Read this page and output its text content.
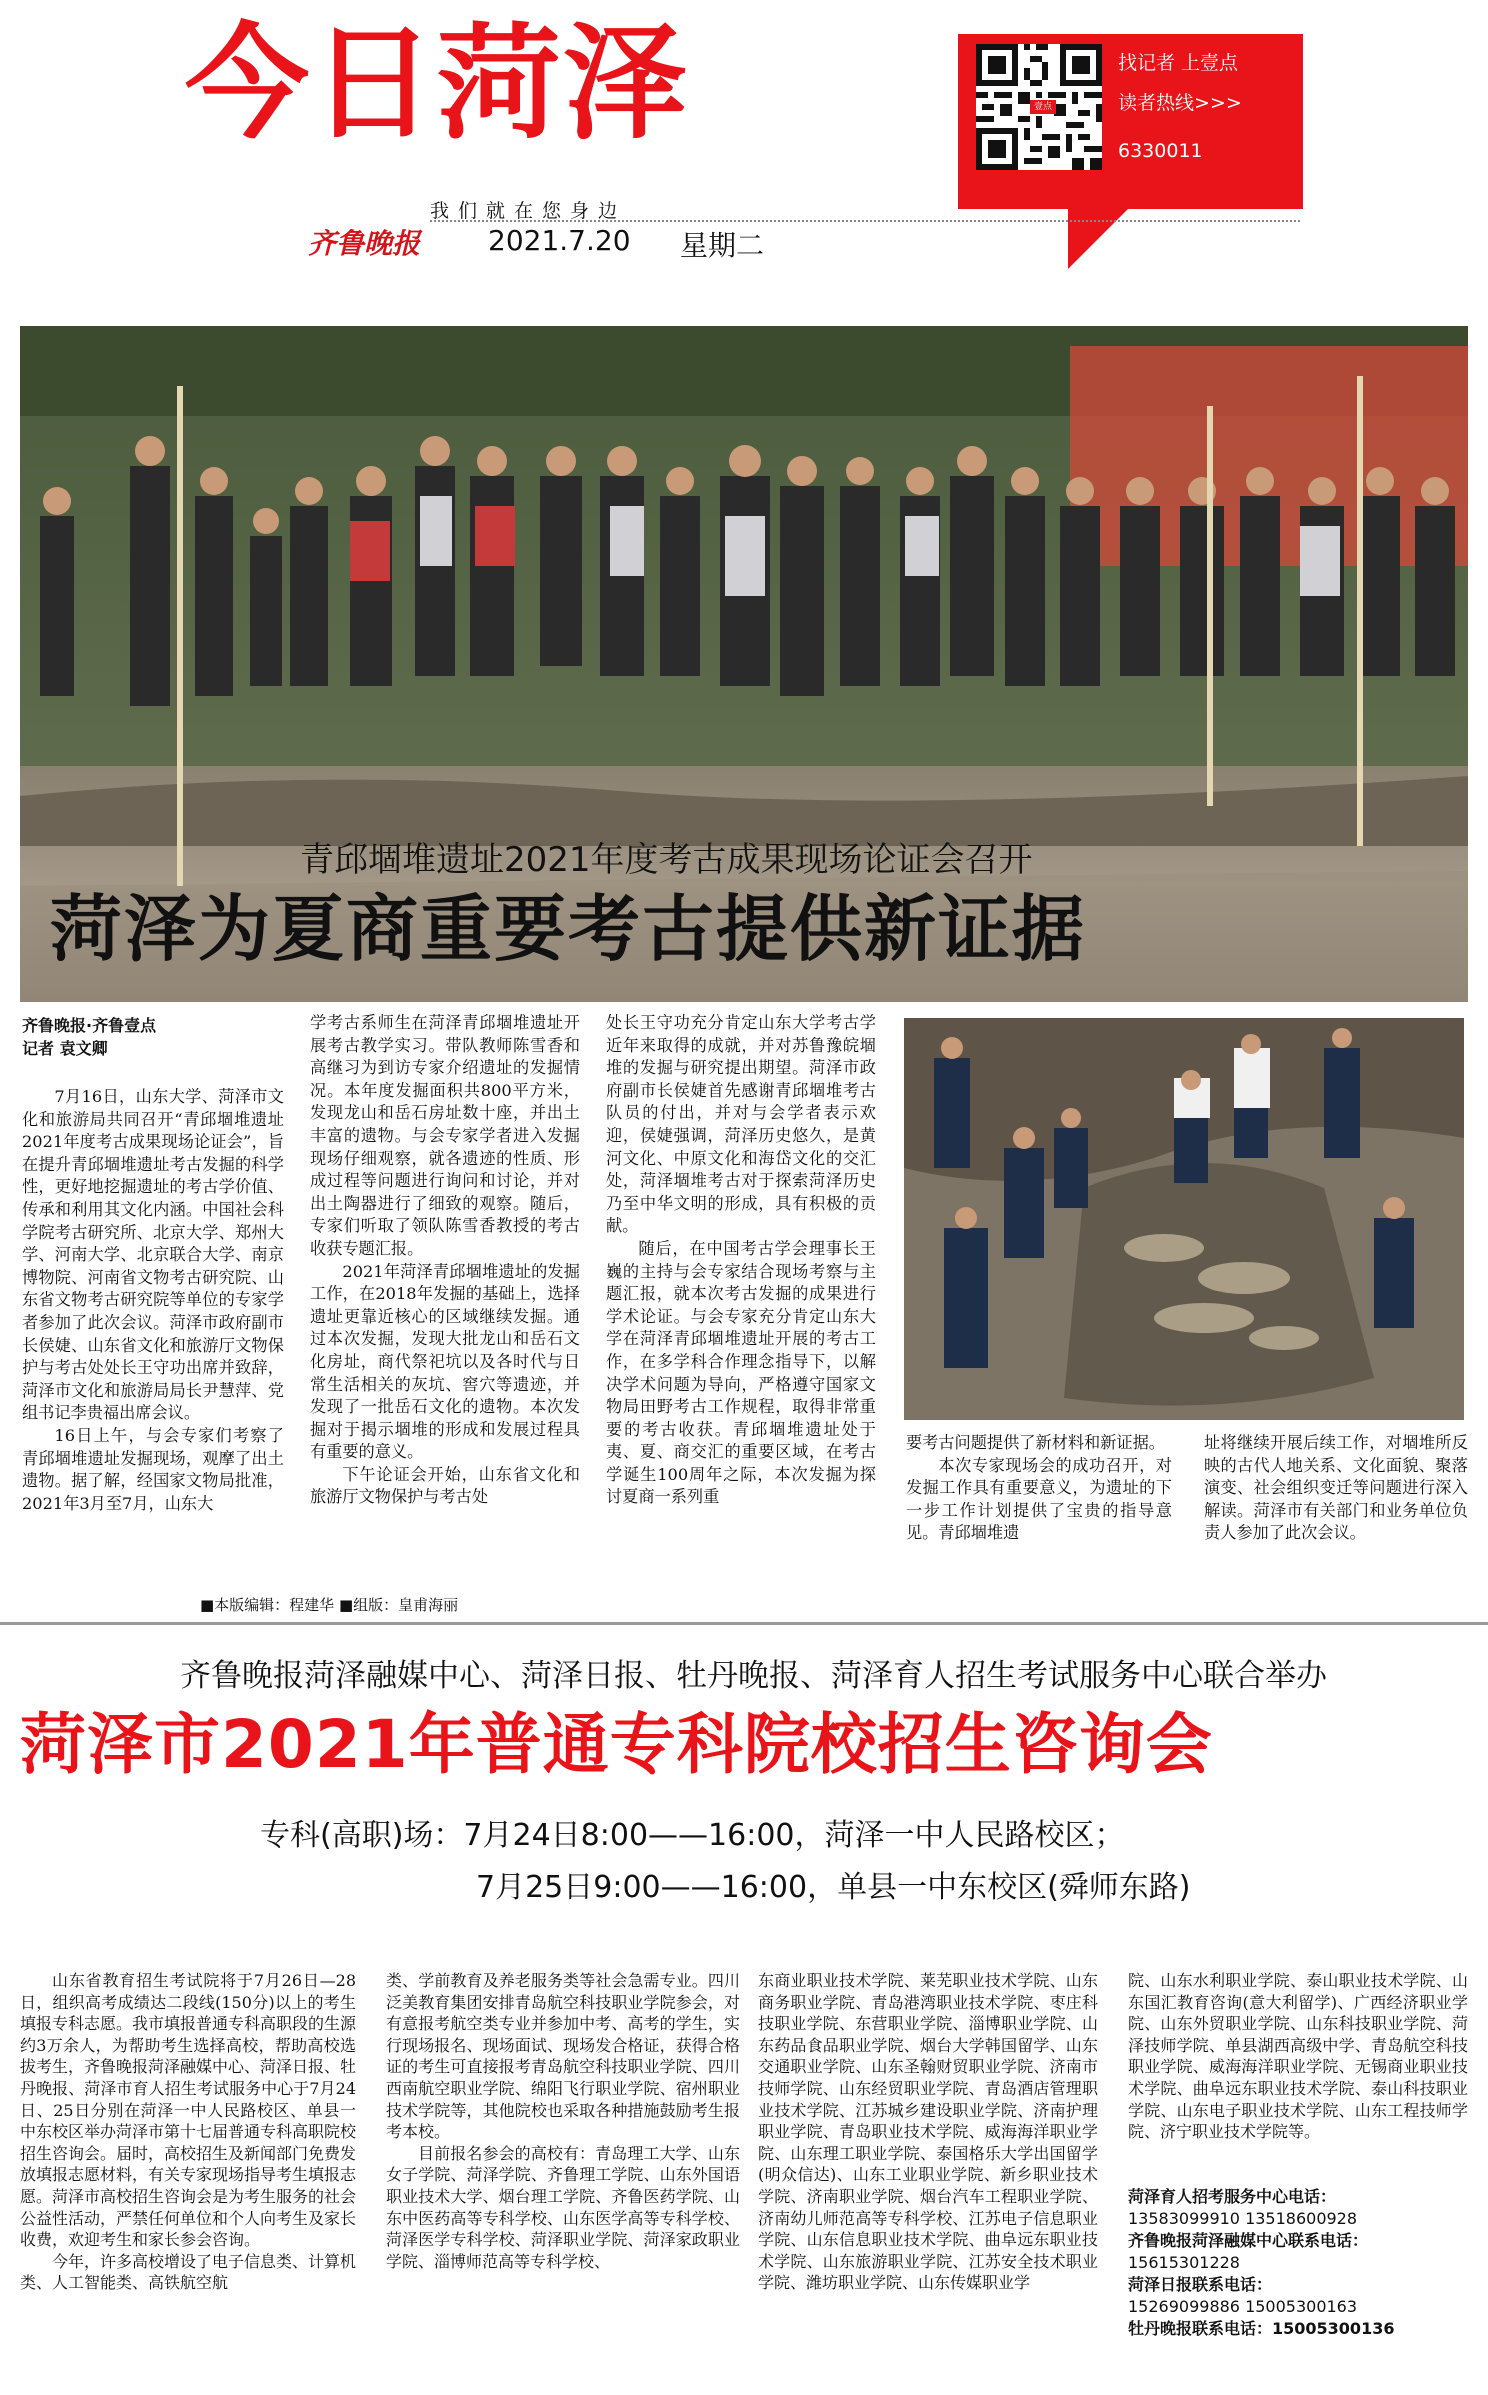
今日菏泽	壹点
找记者 上壹点
读者热线>>>
6330011
我们就在您身边
齐鲁晚报 2021.7.20 星期二
青邱堌堆遗址2021年度考古成果现场论证会召开
菏泽为夏商重要考古提供新证据
齐鲁晚报·齐鲁壹点
记者 袁文卿

7月16日，山东大学、菏泽市文化和旅游局共同召开“青邱堌堆遗址2021年度考古成果现场论证会”，旨在提升青邱堌堆遗址考古发掘的科学性，更好地挖掘遗址的考古学价值、传承和利用其文化内涵。中国社会科学院考古研究所、北京大学、郑州大学、河南大学、北京联合大学、南京博物院、河南省文物考古研究院、山东省文物考古研究院等单位的专家学者参加了此次会议。菏泽市政府副市长侯婕、山东省文化和旅游厅文物保护与考古处处长王守功出席并致辞，菏泽市文化和旅游局局长尹慧萍、党组书记李贵福出席会议。

16日上午，与会专家们考察了青邱堌堆遗址发掘现场，观摩了出土遗物。据了解，经国家文物局批准，2021年3月至7月，山东大

学考古系师生在菏泽青邱堌堆遗址开展考古教学实习。带队教师陈雪香和高继习为到访专家介绍遗址的发掘情况。本年度发掘面积共800平方米，发现龙山和岳石房址数十座，并出土丰富的遗物。与会专家学者进入发掘现场仔细观察，就各遗迹的性质、形成过程等问题进行询问和讨论，并对出土陶器进行了细致的观察。随后，专家们听取了领队陈雪香教授的考古收获专题汇报。

2021年菏泽青邱堌堆遗址的发掘工作，在2018年发掘的基础上，选择遗址更靠近核心的区域继续发掘。通过本次发掘，发现大批龙山和岳石文化房址，商代祭祀坑以及各时代与日常生活相关的灰坑、窖穴等遗迹，并发现了一批岳石文化的遗物。本次发掘对于揭示堌堆的形成和发展过程具有重要的意义。

下午论证会开始，山东省文化和旅游厅文物保护与考古处

处长王守功充分肯定山东大学考古学近年来取得的成就，并对苏鲁豫皖堌堆的发掘与研究提出期望。菏泽市政府副市长侯婕首先感谢青邱堌堆考古队员的付出，并对与会学者表示欢迎，侯婕强调，菏泽历史悠久，是黄河文化、中原文化和海岱文化的交汇处，菏泽堌堆考古对于探索菏泽历史乃至中华文明的形成，具有积极的贡献。

随后，在中国考古学会理事长王巍的主持与会专家结合现场考察与主题汇报，就本次考古发掘的成果进行学术论证。与会专家充分肯定山东大学在菏泽青邱堌堆遗址开展的考古工作，在多学科合作理念指导下，以解决学术问题为导向，严格遵守国家文物局田野考古工作规程，取得非常重要的考古收获。青邱堌堆遗址处于夷、夏、商交汇的重要区域，在考古学诞生100周年之际，本次发掘为探讨夏商一系列重

要考古问题提供了新材料和新证据。

本次专家现场会的成功召开，对发掘工作具有重要意义，为遗址的下一步工作计划提供了宝贵的指导意见。青邱堌堆遗

址将继续开展后续工作，对堌堆所反映的古代人地关系、文化面貌、聚落演变、社会组织变迁等问题进行深入解读。菏泽市有关部门和业务单位负责人参加了此次会议。

■本版编辑：程建华 ■组版：皇甫海丽
齐鲁晚报菏泽融媒中心、菏泽日报、牡丹晚报、菏泽育人招生考试服务中心联合举办
菏泽市2021年普通专科院校招生咨询会
专科(高职)场：7月24日8:00——16:00，菏泽一中人民路校区；
7月25日9:00——16:00，单县一中东校区(舜师东路)

山东省教育招生考试院将于7月26日—28日，组织高考成绩达二段线(150分)以上的考生填报专科志愿。我市填报普通专科高职段的生源约3万余人，为帮助考生选择高校，帮助高校选拔考生，齐鲁晚报菏泽融媒中心、菏泽日报、牡丹晚报、菏泽市育人招生考试服务中心于7月24日、25日分别在菏泽一中人民路校区、单县一中东校区举办菏泽市第十七届普通专科高职院校招生咨询会。届时，高校招生及新闻部门免费发放填报志愿材料，有关专家现场指导考生填报志愿。菏泽市高校招生咨询会是为考生服务的社会公益性活动，严禁任何单位和个人向考生及家长收费，欢迎考生和家长参会咨询。

今年，许多高校增设了电子信息类、计算机类、人工智能类、高铁航空航

类、学前教育及养老服务类等社会急需专业。四川泛美教育集团安排青岛航空科技职业学院参会，对有意报考航空类专业并参加中考、高考的学生，实行现场报名、现场面试、现场发合格证，获得合格证的考生可直接报考青岛航空科技职业学院、四川西南航空职业学院、绵阳飞行职业学院、宿州职业技术学院等，其他院校也采取各种措施鼓励考生报考本校。

目前报名参会的高校有：青岛理工大学、山东女子学院、菏泽学院、齐鲁理工学院、山东外国语职业技术大学、烟台理工学院、齐鲁医药学院、山东中医药高等专科学校、山东医学高等专科学校、菏泽医学专科学校、菏泽职业学院、菏泽家政职业学院、淄博师范高等专科学校、

东商业职业技术学院、莱芜职业技术学院、山东商务职业学院、青岛港湾职业技术学院、枣庄科技职业学院、东营职业学院、淄博职业学院、山东药品食品职业学院、烟台大学韩国留学、山东交通职业学院、山东圣翰财贸职业学院、济南市技师学院、山东经贸职业学院、青岛酒店管理职业技术学院、江苏城乡建设职业学院、济南护理职业学院、青岛职业技术学院、威海海洋职业学院、山东理工职业学院、泰国格乐大学出国留学(明众信达)、山东工业职业学院、新乡职业技术学院、济南职业学院、烟台汽车工程职业学院、济南幼儿师范高等专科学校、江苏电子信息职业学院、山东信息职业技术学院、曲阜远东职业技术学院、山东旅游职业学院、江苏安全技术职业学院、潍坊职业学院、山东传媒职业学

院、山东水利职业学院、泰山职业技术学院、山东国汇教育咨询(意大利留学)、广西经济职业学院、山东外贸职业学院、山东科技职业学院、菏泽技师学院、单县湖西高级中学、青岛航空科技职业学院、威海海洋职业学院、无锡商业职业技术学院、曲阜远东职业技术学院、泰山科技职业学院、山东电子职业技术学院、山东工程技师学院、济宁职业技术学院等。

菏泽育人招考服务中心电话：
13583099910 13518600928
齐鲁晚报菏泽融媒中心联系电话：
15615301228
菏泽日报联系电话：
15269099886 15005300163
牡丹晚报联系电话：15005300136
